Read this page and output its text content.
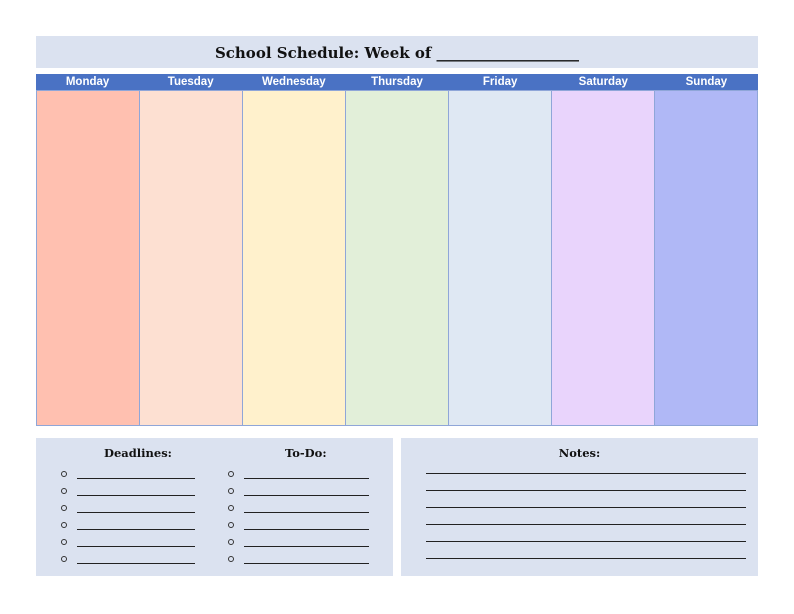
School Schedule: Week of ___________________
Monday	Tuesday	Wednesday	Thursday	Friday	Saturday	Sunday
Deadlines:	To-Do:	Notes:
